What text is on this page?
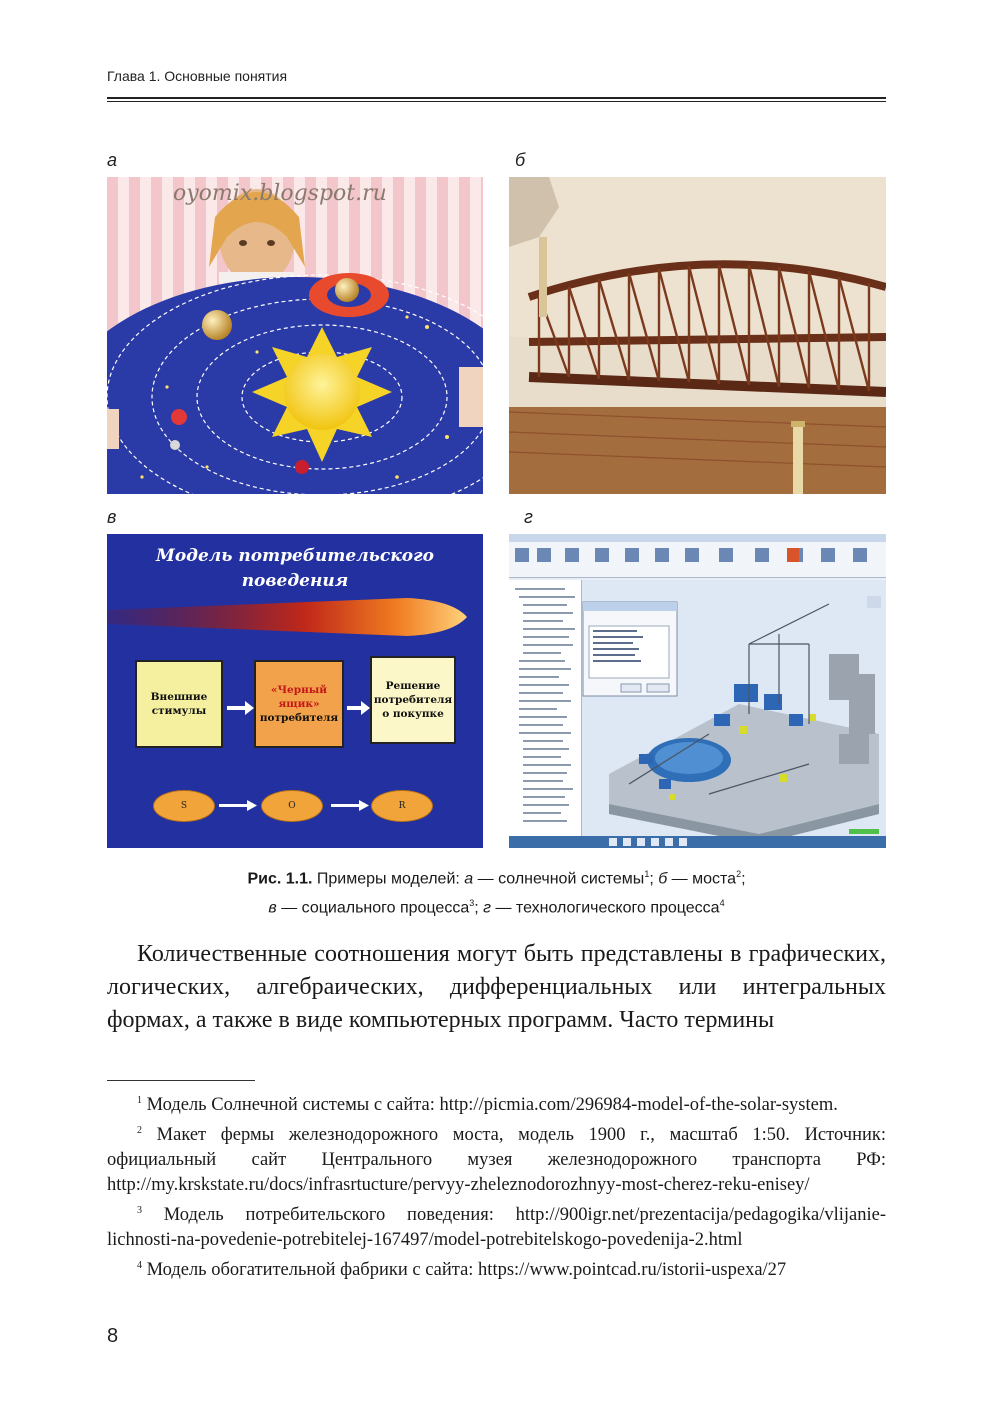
Глава 1. Основные понятия
а	б
в	г
oyomix.blogspot.ru
Модель потребительского
поведения
Внешние стимулы
«Черный ящик»
потребителя
Решение потребителя о покупке
S	O	R
Рис. 1.1. Примеры моделей: а — солнечной системы$^1$; б — моста$^2$;
в — социального процесса$^3$; г — технологического процесса$^4$
Количественные соотношения могут быть представлены в графических, логических, алгебраических, дифференциальных или интегральных формах, а также в виде компьютерных программ. Часто термины
$^1$ Модель Солнечной системы с сайта: http://picmia.com/296984-model-of-the-solar-system.
$^2$ Макет фермы железнодорожного моста, модель 1900 г., масштаб 1:50. Источник: официальный сайт Центрального музея железнодорожного транспорта РФ: http://my.krskstate.ru/docs/infrasrtucture/pervyy-zheleznodorozhnyy-most-cherez-reku-enisey/
$^3$ Модель потребительского поведения: http://900igr.net/prezentacija/pedagogika/vlijanie-lichnosti-na-povedenie-potrebitelej-167497/model-potrebitelskogo-povedenija-2.html
$^4$ Модель обогатительной фабрики с сайта: https://www.pointcad.ru/istorii-uspexa/27
8
